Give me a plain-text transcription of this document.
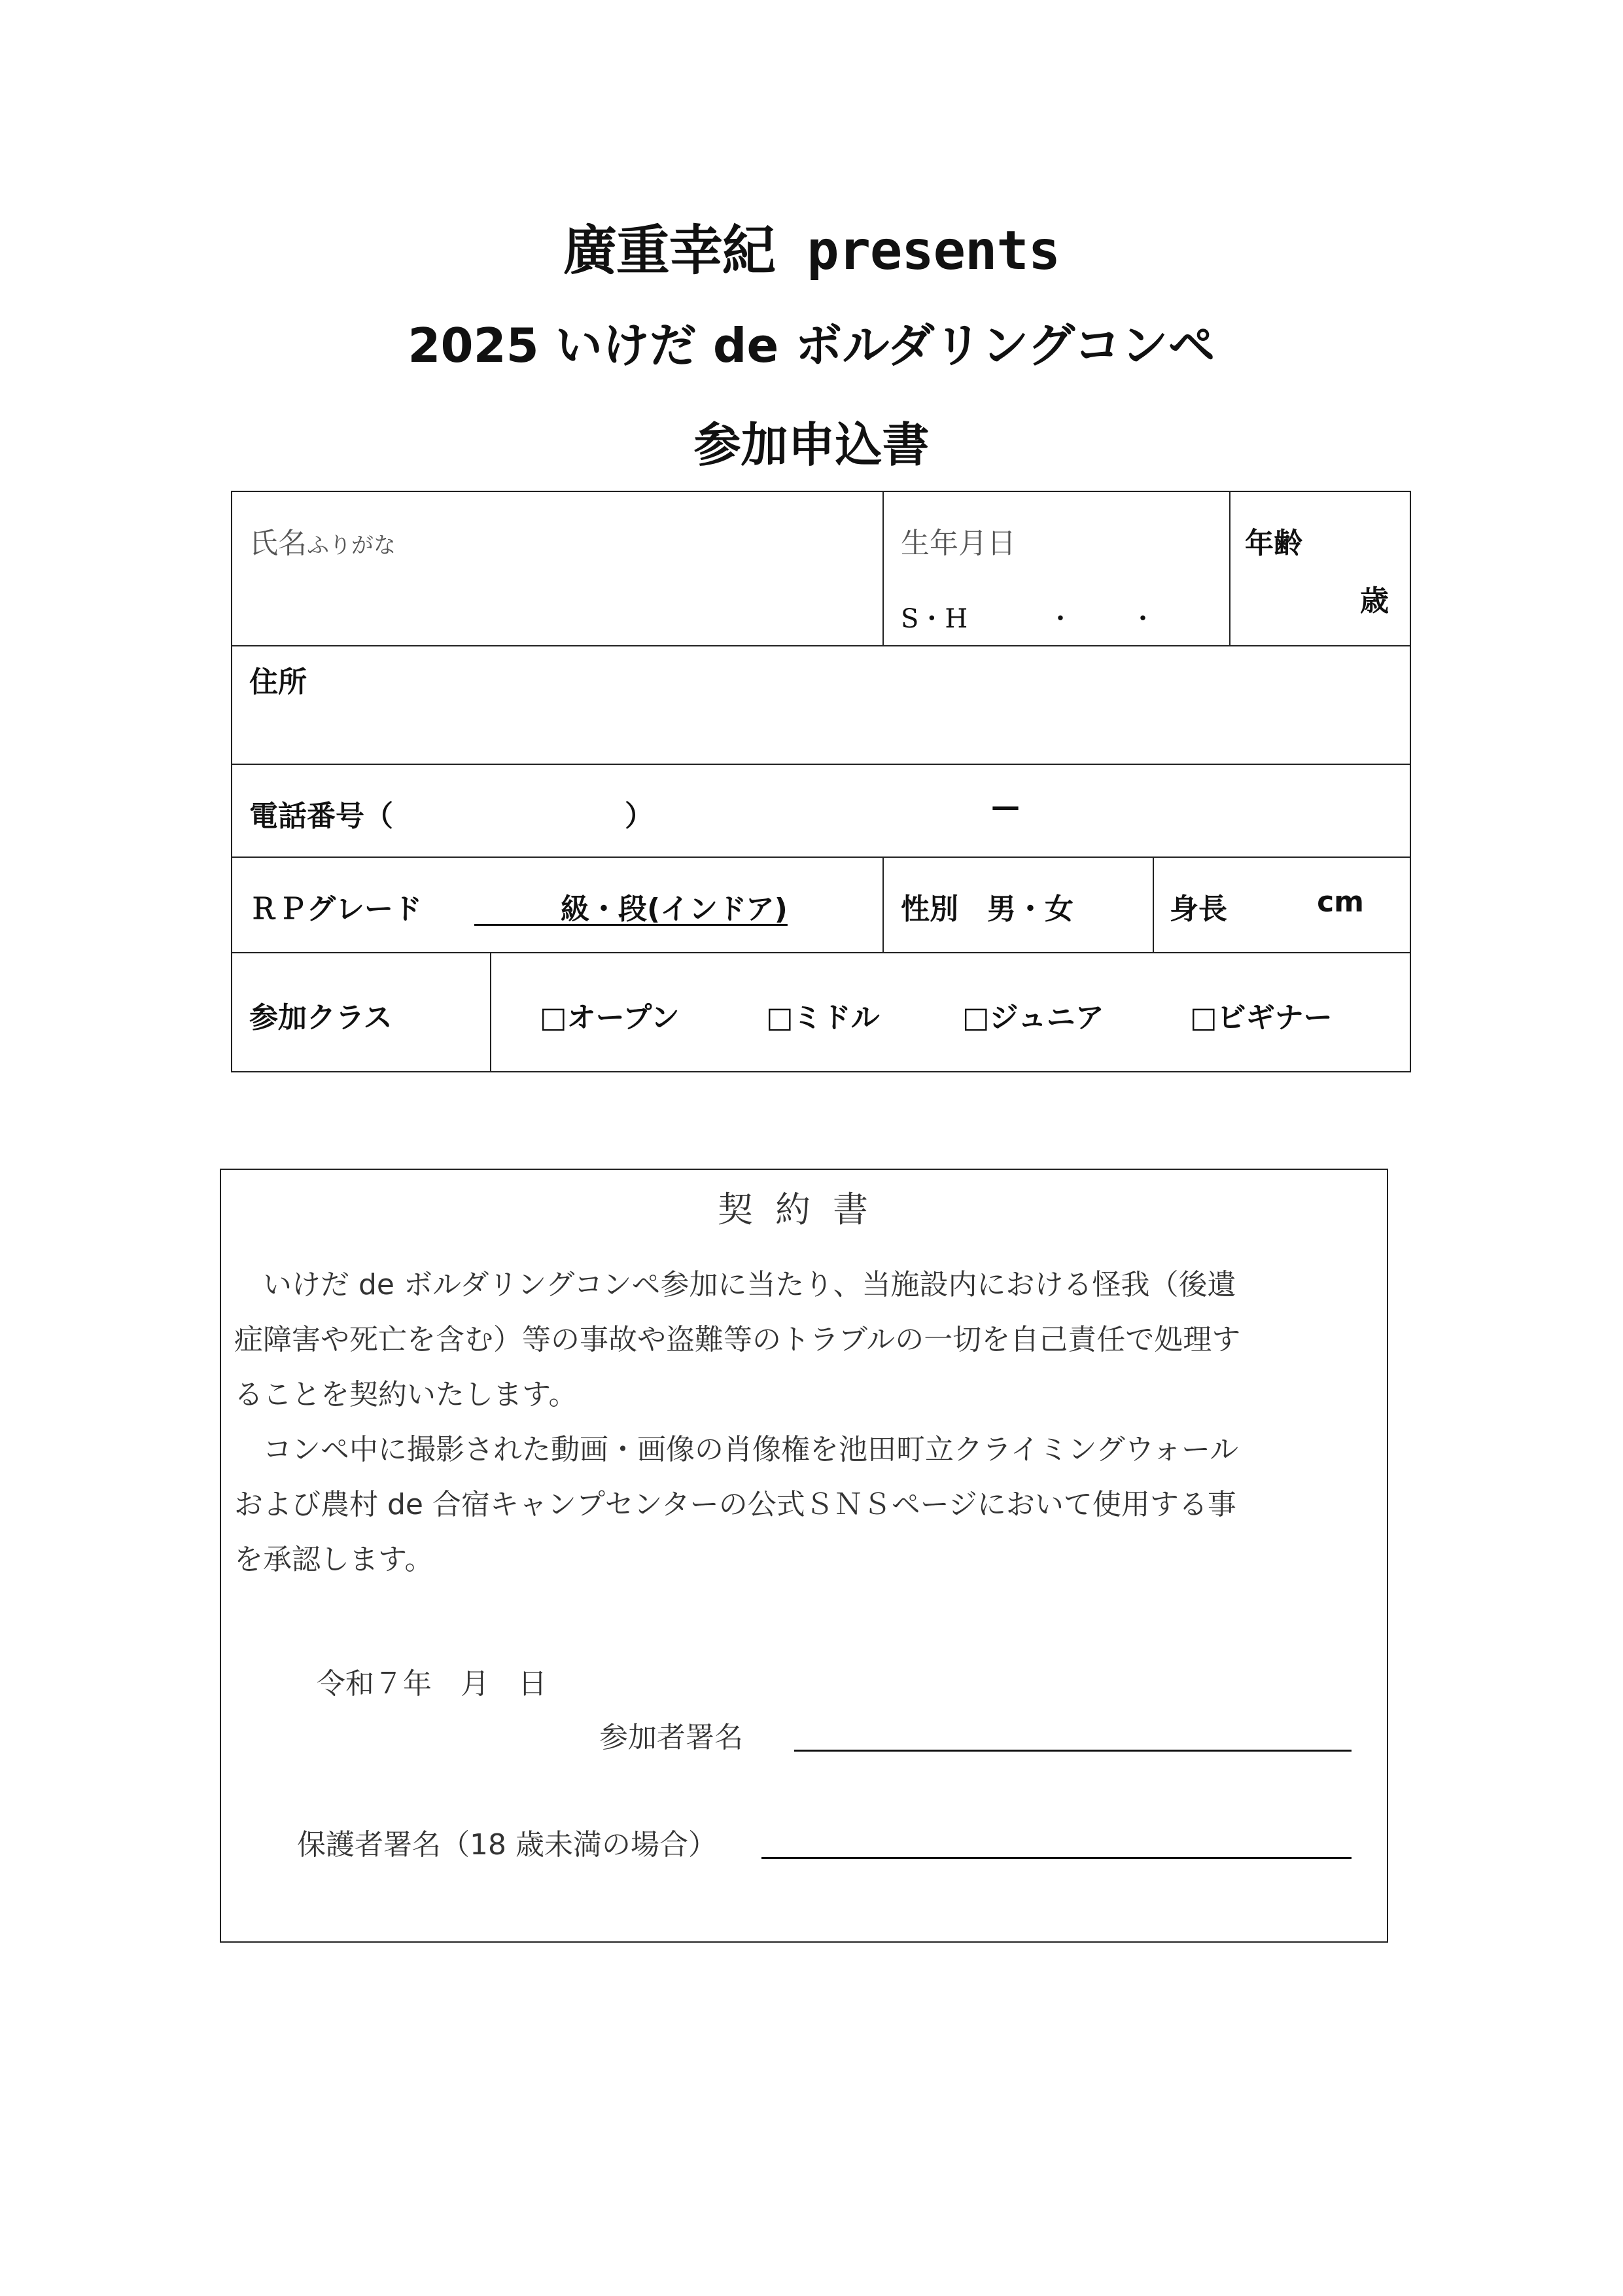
廣重幸紀 presents
2025 いけだ de ボルダリングコンペ
参加申込書
氏名ふりがな		生年月日
S・H ・ ・		年齢
歳

住所				

電話番号（ ） —				

ＲＰグレード 　　　級・段(インドア)		性別　男・女	身長 cm	

参加クラス	□オープン □ミドル □ジュニア □ビギナー			
契約書
　いけだ de ボルダリングコンペ参加に当たり、当施設内における怪我（後遺
症障害や死亡を含む）等の事故や盗難等のトラブルの一切を自己責任で処理す
ることを契約いたします。
　コンペ中に撮影された動画・画像の肖像権を池田町立クライミングウォール
および農村 de 合宿キャンプセンターの公式ＳＮＳページにおいて使用する事
を承認します。
令和７年　月　日
参加者署名
保護者署名（18 歳未満の場合）
